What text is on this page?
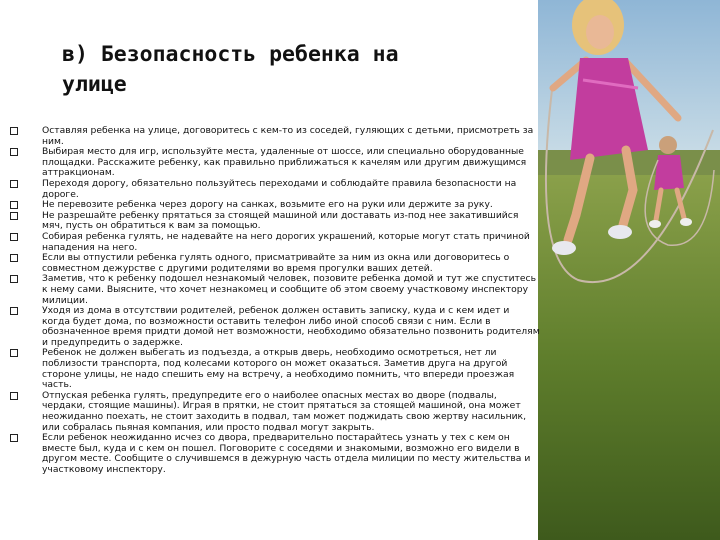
в) Безопасность ребенка на
улице
Оставляя ребенка на улице, договоритесь с кем-то из соседей, гуляющих с детьми, присмотреть за ним.
Выбирая место для игр, используйте места, удаленные от шоссе, или специально оборудованные площадки. Расскажите ребенку, как правильно приближаться к качелям или другим движущимся аттракционам.
Переходя дорогу, обязательно пользуйтесь переходами и соблюдайте правила безопасности на дороге.
Не перевозите ребенка через дорогу на санках, возьмите его на руки или держите за руку.
Не разрешайте ребенку прятаться за стоящей машиной или доставать из-под нее закатившийся мяч, пусть он обратиться к вам за помощью.
Собирая ребенка гулять, не надевайте на него дорогих украшений, которые могут стать причиной нападения на него.
Если вы отпустили ребенка гулять одного, присматривайте за ним из окна или договоритесь о совместном дежурстве с другими родителями во время прогулки ваших детей.
Заметив, что к ребенку подошел незнакомый человек, позовите ребенка домой и тут же спуститесь к нему сами. Выясните, что хочет незнакомец и сообщите об этом своему участковому инспектору милиции.
Уходя из дома в отсутствии родителей, ребенок должен оставить записку, куда и с кем идет и когда будет дома, по возможности оставить телефон либо иной способ связи с ним. Если в обозначенное время придти домой нет возможности, необходимо обязательно позвонить родителям и предупредить о задержке.
Ребенок не должен выбегать из подъезда, а открыв дверь, необходимо осмотреться, нет ли поблизости транспорта, под колесами которого он может оказаться. Заметив друга на другой стороне улицы, не надо спешить ему на встречу, а необходимо помнить, что впереди проезжая часть.
Отпуская ребенка гулять, предупредите его о наиболее опасных местах во дворе (подвалы, чердаки, стоящие машины). Играя в прятки, не стоит прятаться за стоящей машиной, она может неожиданно поехать, не стоит заходить в подвал, там может поджидать свою жертву насильник, или собралась пьяная компания, или просто подвал могут закрыть.
Если ребенок неожиданно исчез со двора, предварительно постарайтесь узнать у тех с кем он вместе был, куда и с кем он пошел. Поговорите с соседями и знакомыми, возможно его видели в другом месте. Сообщите о случившемся в дежурную часть отдела милиции по месту жительства и участковому инспектору.
